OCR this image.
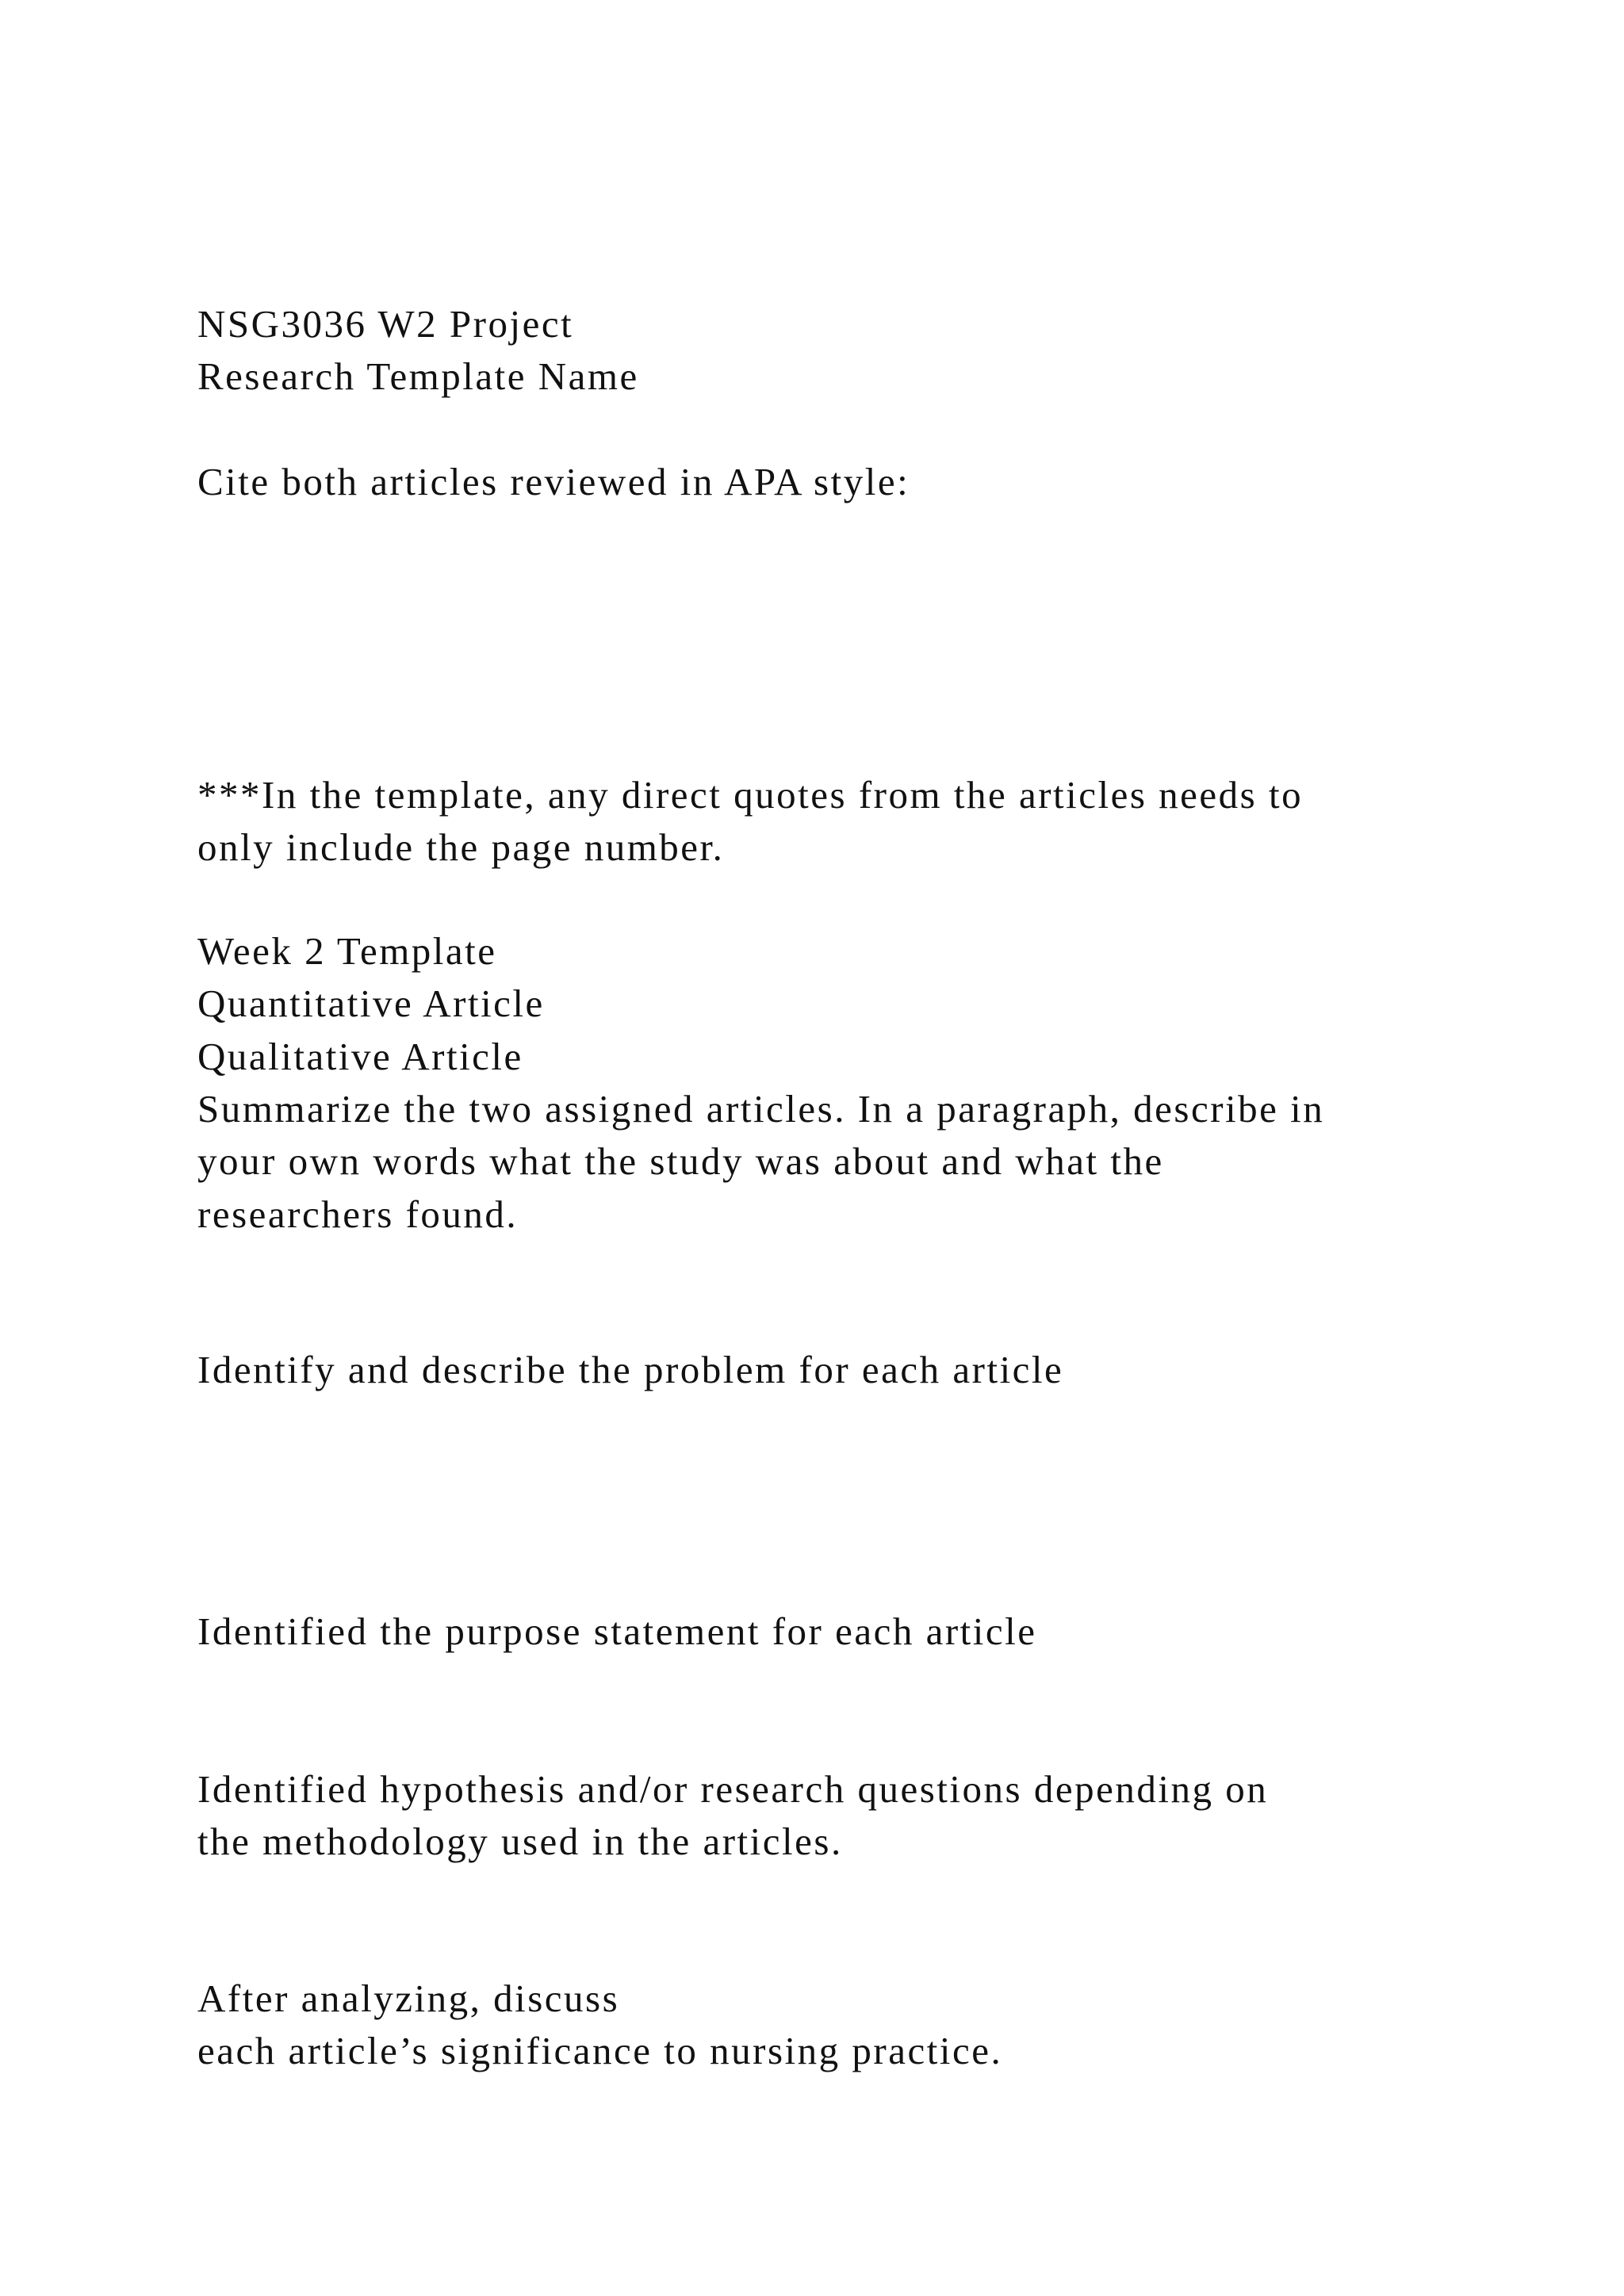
NSG3036 W2 Project

Research Template Name

Cite both articles reviewed in APA style:

***In the template, any direct quotes from the articles needs to

only include the page number.

Week 2 Template

Quantitative Article

Qualitative Article

Summarize the two assigned articles. In a paragraph, describe in

your own words what the study was about and what the

researchers found.

Identify and describe the problem for each article

Identified the purpose statement for each article

Identified hypothesis and/or research questions depending on

the methodology used in the articles.

After analyzing, discuss

each article’s significance to nursing practice.
